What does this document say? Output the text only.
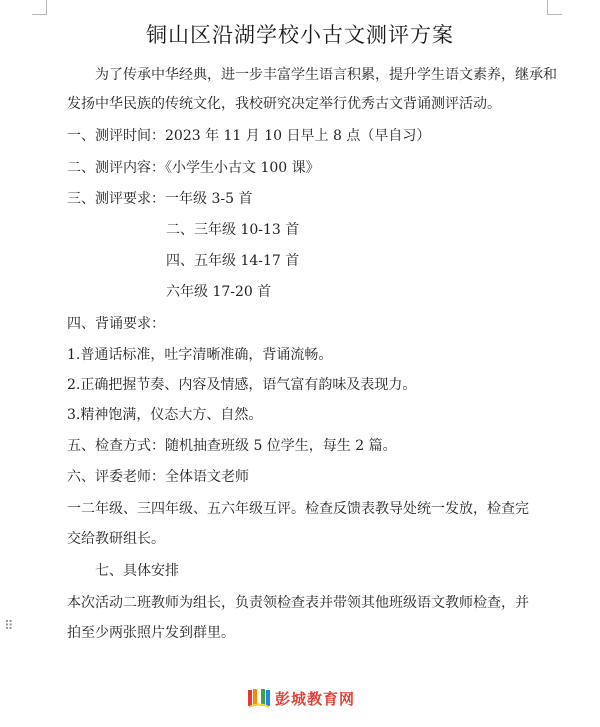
铜山区沿湖学校小古文测评方案
为了传承中华经典，进一步丰富学生语言积累，提升学生语文素养，继承和
发扬中华民族的传统文化，我校研究决定举行优秀古文背诵测评活动。
一、测评时间：2023 年 11 月 10 日早上 8 点（早自习）
二、测评内容：《小学生小古文 100 课》
三、测评要求：一年级 3-5 首
二、三年级 10-13 首
四、五年级 14-17 首
六年级 17-20 首
四、背诵要求：
1.普通话标准，吐字清晰准确，背诵流畅。
2.正确把握节奏、内容及情感，语气富有韵味及表现力。
3.精神饱满，仪态大方、自然。
五、检查方式：随机抽查班级 5 位学生，每生 2 篇。
六、评委老师：全体语文老师
一二年级、三四年级、五六年级互评。检查反馈表教导处统一发放，检查完
交给教研组长。
七、具体安排
本次活动二班教师为组长，负责领检查表并带领其他班级语文教师检查，并
拍至少两张照片发到群里。
⠿
彭城教育网
